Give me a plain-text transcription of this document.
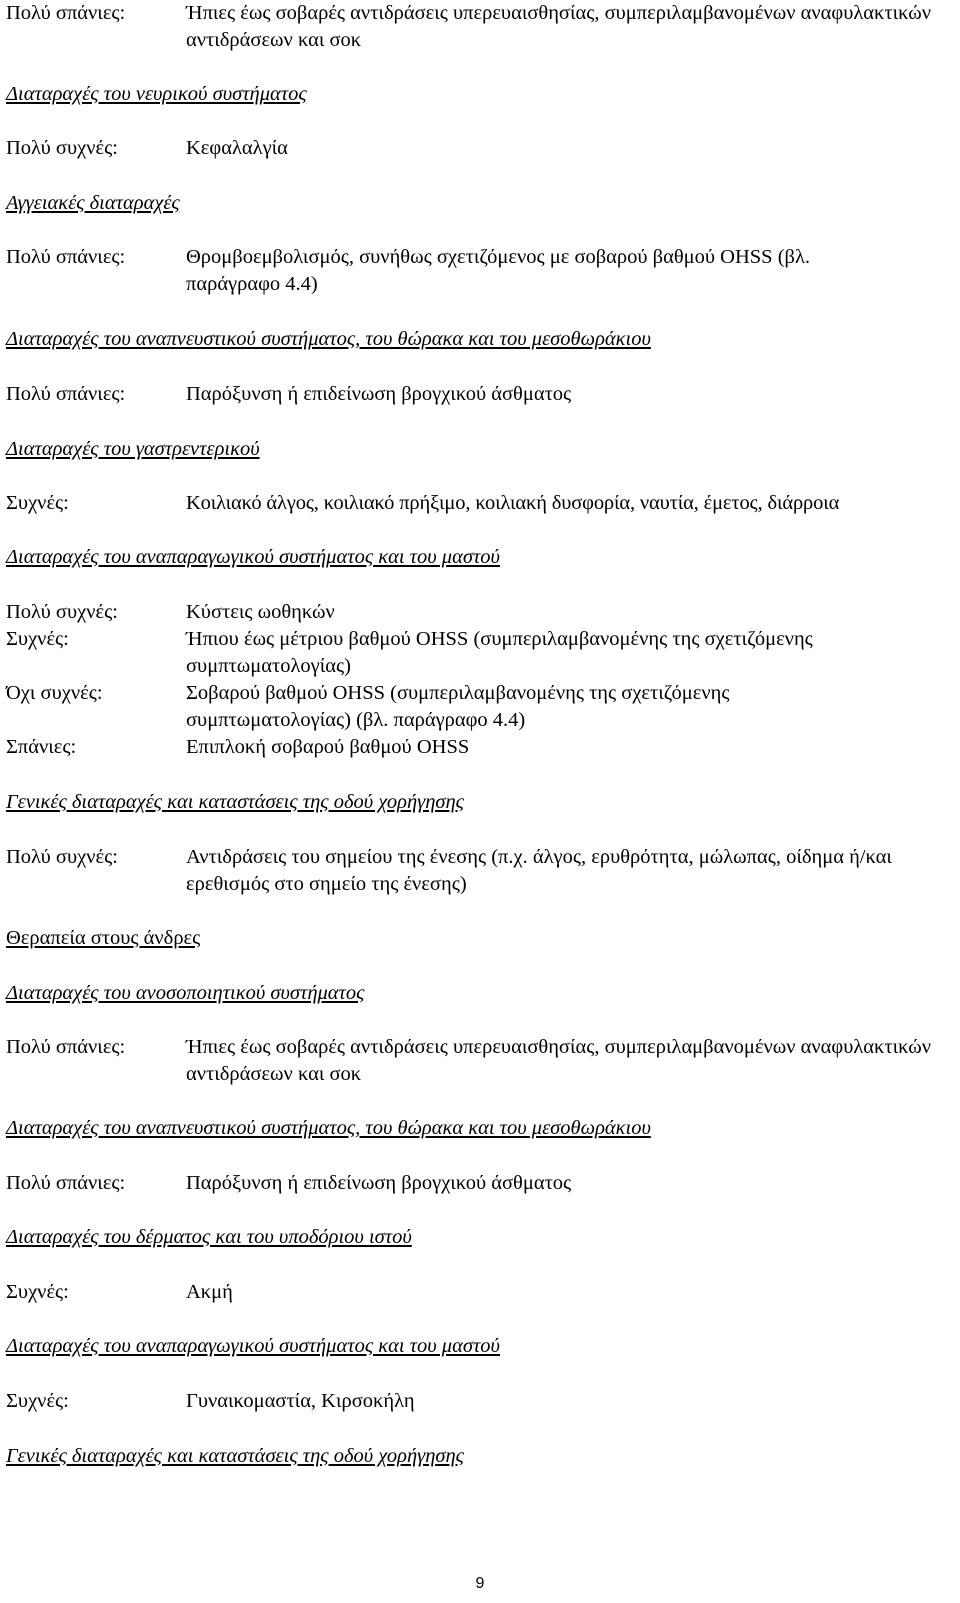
Πολύ σπάνιες:	Ήπιες έως σοβαρές αντιδράσεις υπερευαισθησίας, συμπεριλαμβανομένων αναφυλακτικών αντιδράσεων και σοκ
Διαταραχές του νευρικού συστήματος
Πολύ συχνές:	Κεφαλαλγία
Αγγειακές διαταραχές
Πολύ σπάνιες:	Θρομβοεμβολισμός, συνήθως σχετιζόμενος με σοβαρού βαθμού OHSS (βλ. παράγραφο 4.4)
Διαταραχές του αναπνευστικού συστήματος, του θώρακα και του μεσοθωράκιου
Πολύ σπάνιες:	Παρόξυνση ή επιδείνωση βρογχικού άσθματος
Διαταραχές του γαστρεντερικού
Συχνές:	Κοιλιακό άλγος, κοιλιακό πρήξιμο, κοιλιακή δυσφορία, ναυτία, έμετος, διάρροια
Διαταραχές του αναπαραγωγικού συστήματος και του μαστού
Πολύ συχνές:	Κύστεις ωοθηκών
Συχνές:	Ήπιου έως μέτριου βαθμού OHSS (συμπεριλαμβανομένης της σχετιζόμενης συμπτωματολογίας)
Όχι συχνές:	Σοβαρού βαθμού OHSS (συμπεριλαμβανομένης της σχετιζόμενης συμπτωματολογίας) (βλ. παράγραφο 4.4)
Σπάνιες:	Επιπλοκή σοβαρού βαθμού OHSS
Γενικές διαταραχές και καταστάσεις της οδού χορήγησης
Πολύ συχνές:	Αντιδράσεις του σημείου της ένεσης (π.χ. άλγος, ερυθρότητα, μώλωπας, οίδημα ή/και ερεθισμός στο σημείο της ένεσης)
Θεραπεία στους άνδρες
Διαταραχές του ανοσοποιητικού συστήματος
Πολύ σπάνιες:	Ήπιες έως σοβαρές αντιδράσεις υπερευαισθησίας, συμπεριλαμβανομένων αναφυλακτικών αντιδράσεων και σοκ
Διαταραχές του αναπνευστικού συστήματος, του θώρακα και του μεσοθωράκιου
Πολύ σπάνιες:	Παρόξυνση ή επιδείνωση βρογχικού άσθματος
Διαταραχές του δέρματος και του υποδόριου ιστού
Συχνές:	Ακμή
Διαταραχές του αναπαραγωγικού συστήματος και του μαστού
Συχνές:	Γυναικομαστία, Κιρσοκήλη
Γενικές διαταραχές και καταστάσεις της οδού χορήγησης
9
